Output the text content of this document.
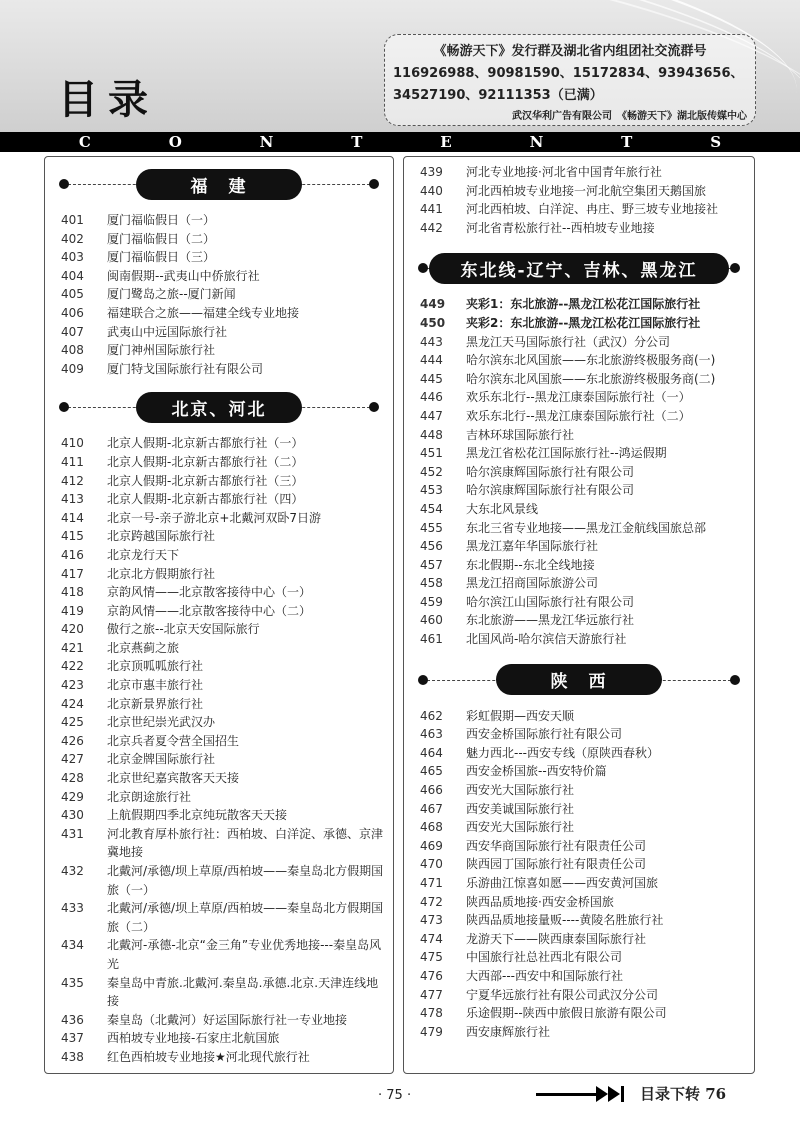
目录
《畅游天下》发行群及湖北省内组团社交流群号
116926988、90981590、15172834、93943656、
34527190、92111353（已满）
武汉华利广告有限公司　《畅游天下》湖北版传媒中心
C	O	N	T	E	N	T	S
福　建
401	厦门福临假日（一）
402	厦门福临假日（二）
403	厦门福临假日（三）
404	闽南假期--武夷山中侨旅行社
405	厦门鹭岛之旅--厦门新闻
406	福建联合之旅——福建全线专业地接
407	武夷山中远国际旅行社
408	厦门神州国际旅行社
409	厦门特戈国际旅行社有限公司
北京、河北
410	北京人假期-北京新古都旅行社（一）
411	北京人假期-北京新古都旅行社（二）
412	北京人假期-北京新古都旅行社（三）
413	北京人假期-北京新古都旅行社（四）
414	北京一号-亲子游北京+北戴河双卧7日游
415	北京跨越国际旅行社
416	北京龙行天下
417	北京北方假期旅行社
418	京韵风情——北京散客接待中心（一）
419	京韵风情——北京散客接待中心（二）
420	傲行之旅--北京天安国际旅行
421	北京燕蓟之旅
422	北京顶呱呱旅行社
423	北京市惠丰旅行社
424	北京新景界旅行社
425	北京世纪崇光武汉办
426	北京兵者夏令营全国招生
427	北京金牌国际旅行社
428	北京世纪嘉宾散客天天接
429	北京朗途旅行社
430	上航假期四季北京纯玩散客天天接
431	河北教育厚朴旅行社：西柏坡、白洋淀、承德、京津冀地接
432	北戴河/承德/坝上草原/西柏坡——秦皇岛北方假期国旅（一）
433	北戴河/承德/坝上草原/西柏坡——秦皇岛北方假期国旅（二）
434	北戴河-承德-北京“金三角”专业优秀地接---秦皇岛风光
435	秦皇岛中青旅.北戴河.秦皇岛.承德.北京.天津连线地接
436	秦皇岛（北戴河）好运国际旅行社一专业地接
437	西柏坡专业地接-石家庄北航国旅
438	红色西柏坡专业地接★河北现代旅行社
439	河北专业地接·河北省中国青年旅行社
440	河北西柏坡专业地接一河北航空集团天鹅国旅
441	河北西柏坡、白洋淀、冉庄、野三坡专业地接社
442	河北省青松旅行社--西柏坡专业地接
东北线-辽宁、吉林、黑龙江
449	夹彩1：东北旅游--黑龙江松花江国际旅行社
450	夹彩2：东北旅游--黑龙江松花江国际旅行社
443	黑龙江天马国际旅行社（武汉）分公司
444	哈尔滨东北风国旅——东北旅游终极服务商(一)
445	哈尔滨东北风国旅——东北旅游终极服务商(二)
446	欢乐东北行--黑龙江康泰国际旅行社（一）
447	欢乐东北行--黑龙江康泰国际旅行社（二）
448	吉林环球国际旅行社
451	黑龙江省松花江国际旅行社--鸿运假期
452	哈尔滨康辉国际旅行社有限公司
453	哈尔滨康辉国际旅行社有限公司
454	大东北风景线
455	东北三省专业地接——黑龙江金航线国旅总部
456	黑龙江嘉年华国际旅行社
457	东北假期--东北全线地接
458	黑龙江招商国际旅游公司
459	哈尔滨江山国际旅行社有限公司
460	东北旅游——黑龙江华远旅行社
461	北国风尚-哈尔滨信天游旅行社
陕　西
462	彩虹假期—西安天顺
463	西安金桥国际旅行社有限公司
464	魅力西北---西安专线（原陕西春秋）
465	西安金桥国旅--西安特价篇
466	西安光大国际旅行社
467	西安美诚国际旅行社
468	西安光大国际旅行社
469	西安华商国际旅行社有限责任公司
470	陕西园丁国际旅行社有限责任公司
471	乐游曲江惊喜如愿——西安黄河国旅
472	陕西品质地接·西安金桥国旅
473	陕西品质地接量贩----黄陵名胜旅行社
474	龙游天下——陕西康泰国际旅行社
475	中国旅行社总社西北有限公司
476	大西部---西安中和国际旅行社
477	宁夏华远旅行社有限公司武汉分公司
478	乐途假期--陕西中旅假日旅游有限公司
479	西安康辉旅行社
· 75 ·	目录下转 76
